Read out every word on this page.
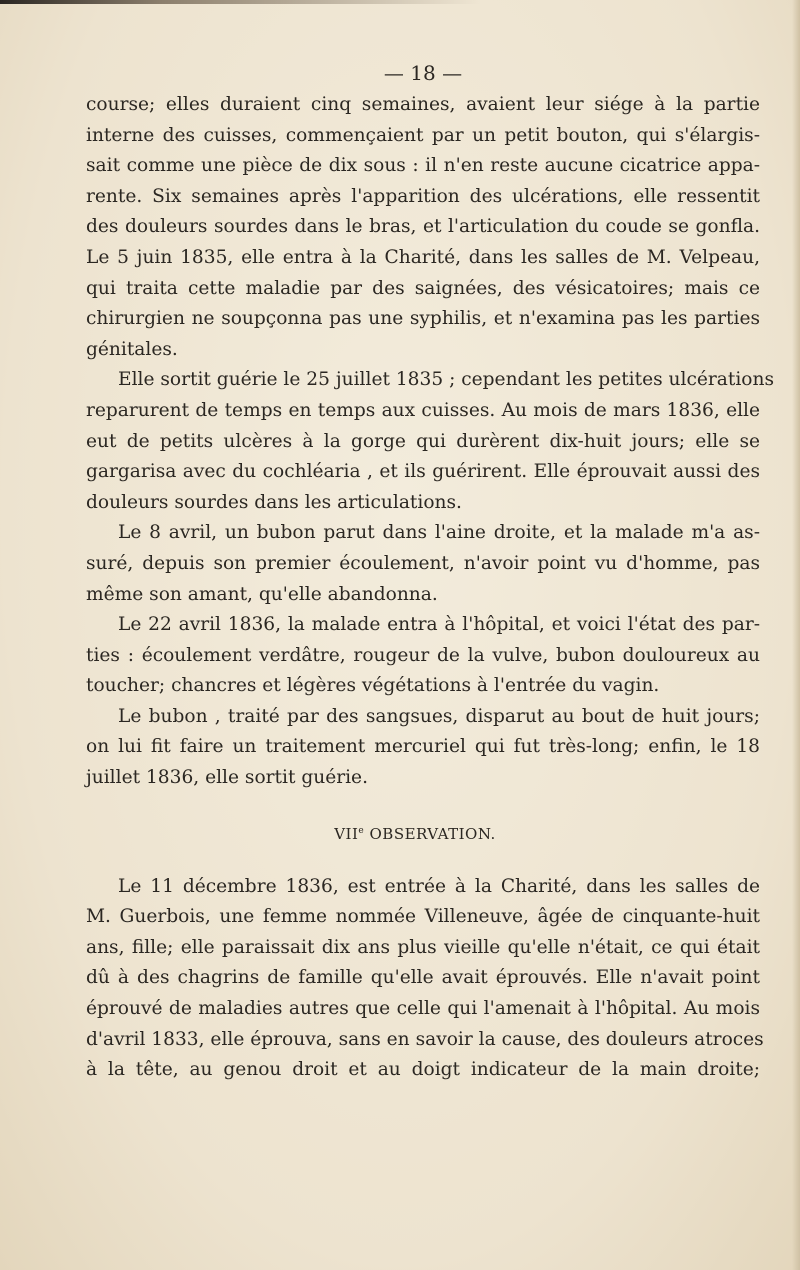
— 18 —
course; elles duraient cinq semaines, avaient leur siége à la partie
interne des cuisses, commençaient par un petit bouton, qui s'élargis-
sait comme une pièce de dix sous : il n'en reste aucune cicatrice appa-
rente. Six semaines après l'apparition des ulcérations, elle ressentit
des douleurs sourdes dans le bras, et l'articulation du coude se gonfla.
Le 5 juin 1835, elle entra à la Charité, dans les salles de M. Velpeau,
qui traita cette maladie par des saignées, des vésicatoires; mais ce
chirurgien ne soupçonna pas une syphilis, et n'examina pas les parties
génitales.
Elle sortit guérie le 25 juillet 1835 ; cependant les petites ulcérations
reparurent de temps en temps aux cuisses. Au mois de mars 1836, elle
eut de petits ulcères à la gorge qui durèrent dix-huit jours; elle se
gargarisa avec du cochléaria , et ils guérirent. Elle éprouvait aussi des
douleurs sourdes dans les articulations.
Le 8 avril, un bubon parut dans l'aine droite, et la malade m'a as-
suré, depuis son premier écoulement, n'avoir point vu d'homme, pas
même son amant, qu'elle abandonna.
Le 22 avril 1836, la malade entra à l'hôpital, et voici l'état des par-
ties : écoulement verdâtre, rougeur de la vulve, bubon douloureux au
toucher; chancres et légères végétations à l'entrée du vagin.
Le bubon , traité par des sangsues, disparut au bout de huit jours;
on lui fit faire un traitement mercuriel qui fut très-long; enfin, le 18
juillet 1836, elle sortit guérie.
VIIe OBSERVATION.
Le 11 décembre 1836, est entrée à la Charité, dans les salles de
M. Guerbois, une femme nommée Villeneuve, âgée de cinquante-huit
ans, fille; elle paraissait dix ans plus vieille qu'elle n'était, ce qui était
dû à des chagrins de famille qu'elle avait éprouvés. Elle n'avait point
éprouvé de maladies autres que celle qui l'amenait à l'hôpital. Au mois
d'avril 1833, elle éprouva, sans en savoir la cause, des douleurs atroces
à la tête, au genou droit et au doigt indicateur de la main droite;
